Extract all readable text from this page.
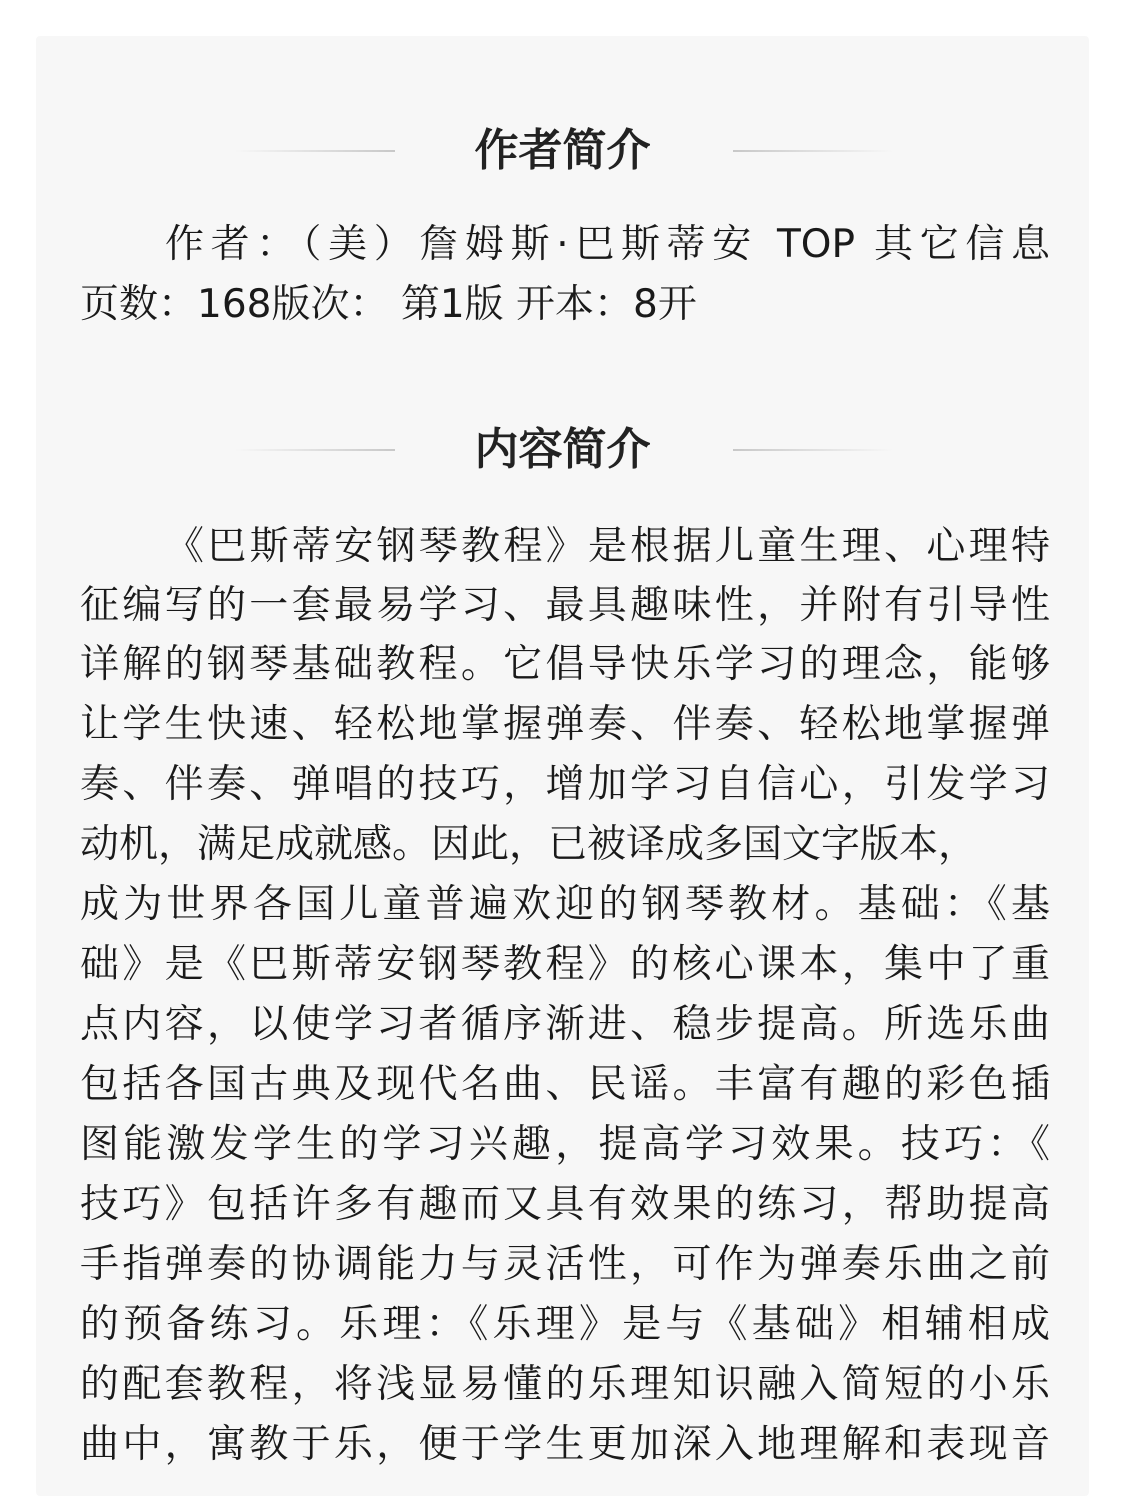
作者简介
作者：（美）詹姆斯·巴斯蒂安 TOP 其它信息
页数：168版次： 第1版 开本：8开
内容简介
《巴斯蒂安钢琴教程》是根据儿童生理、心理特
征编写的一套最易学习、最具趣味性，并附有引导性
详解的钢琴基础教程。它倡导快乐学习的理念，能够
让学生快速、轻松地掌握弹奏、伴奏、轻松地掌握弹
奏、伴奏、弹唱的技巧，增加学习自信心，引发学习
动机，满足成就感。因此，已被译成多国文字版本，
成为世界各国儿童普遍欢迎的钢琴教材。基础：《基
础》是《巴斯蒂安钢琴教程》的核心课本，集中了重
点内容，以使学习者循序渐进、稳步提高。所选乐曲
包括各国古典及现代名曲、民谣。丰富有趣的彩色插
图能激发学生的学习兴趣，提高学习效果。技巧：《
技巧》包括许多有趣而又具有效果的练习，帮助提高
手指弹奏的协调能力与灵活性，可作为弹奏乐曲之前
的预备练习。乐理：《乐理》是与《基础》相辅相成
的配套教程，将浅显易懂的乐理知识融入简短的小乐
曲中，寓教于乐，便于学生更加深入地理解和表现音
